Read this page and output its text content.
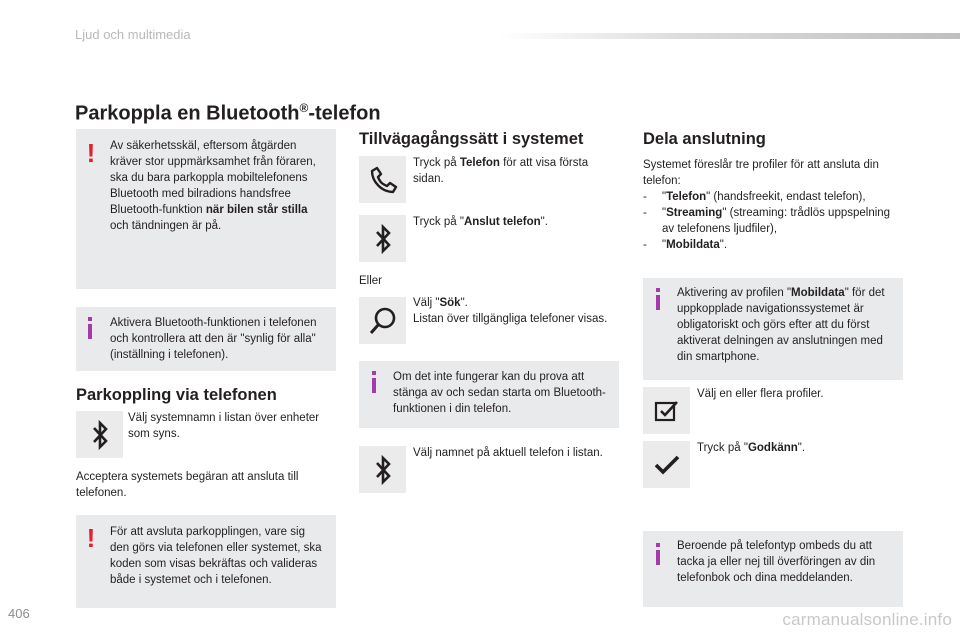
Ljud och multimedia
Parkoppla en Bluetooth®-telefon
! Av säkerhetsskäl, eftersom åtgärden kräver stor uppmärksamhet från föraren, ska du bara parkoppla mobiltelefonens Bluetooth med bilradions handsfree Bluetooth-funktion när bilen står stilla och tändningen är på.
Aktivera Bluetooth-funktionen i telefonen och kontrollera att den är "synlig för alla" (inställning i telefonen).
Parkoppling via telefonen
Välj systemnamn i listan över enheter som syns.
Acceptera systemets begäran att ansluta till telefonen.
! För att avsluta parkopplingen, vare sig den görs via telefonen eller systemet, ska koden som visas bekräftas och valideras både i systemet och i telefonen.
Tillvägagångssätt i systemet
Tryck på Telefon för att visa första sidan.
Tryck på "Anslut telefon".
Eller
Välj "Sök".
Listan över tillgängliga telefoner visas.
Om det inte fungerar kan du prova att stänga av och sedan starta om Bluetooth-funktionen i din telefon.
Välj namnet på aktuell telefon i listan.
Dela anslutning
Systemet föreslår tre profiler för att ansluta din telefon:
-	"Telefon" (handsfreekit, endast telefon),
-	"Streaming" (streaming: trådlös uppspelning av telefonens ljudfiler),
-	"Mobildata".
Aktivering av profilen "Mobildata" för det uppkopplade navigationssystemet är obligatoriskt och görs efter att du först aktiverat delningen av anslutningen med din smartphone.
Välj en eller flera profiler.
Tryck på "Godkänn".
Beroende på telefontyp ombeds du att tacka ja eller nej till överföringen av din telefonbok och dina meddelanden.
406	carmanualsonline.info
